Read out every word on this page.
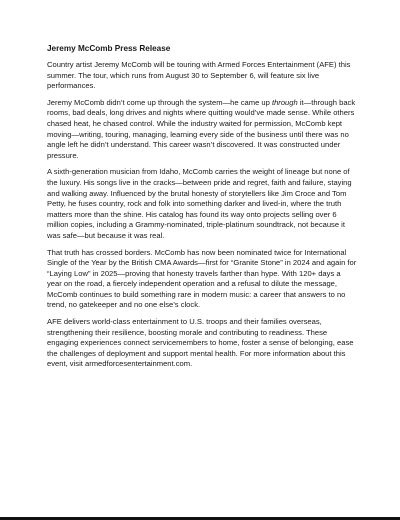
Jeremy McComb Press Release

Country artist Jeremy McComb will be touring with Armed Forces Entertainment (AFE) this summer. The tour, which runs from August 30 to September 6, will feature six live performances.

Jeremy McComb didn’t come up through the system—he came up through it—through back rooms, bad deals, long drives and nights where quitting would’ve made sense. While others chased heat, he chased control. While the industry waited for permission, McComb kept moving—writing, touring, managing, learning every side of the business until there was no angle left he didn’t understand. This career wasn’t discovered. It was constructed under pressure.

A sixth-generation musician from Idaho, McComb carries the weight of lineage but none of the luxury. His songs live in the cracks—between pride and regret, faith and failure, staying and walking away. Influenced by the brutal honesty of storytellers like Jim Croce and Tom Petty, he fuses country, rock and folk into something darker and lived-in, where the truth matters more than the shine. His catalog has found its way onto projects selling over 6 million copies, including a Grammy-nominated, triple-platinum soundtrack, not because it was safe—but because it was real.

That truth has crossed borders. McComb has now been nominated twice for International Single of the Year by the British CMA Awards—first for “Granite Stone” in 2024 and again for “Laying Low” in 2025—proving that honesty travels farther than hype. With 120+ days a year on the road, a fiercely independent operation and a refusal to dilute the message, McComb continues to build something rare in modern music: a career that answers to no trend, no gatekeeper and no one else’s clock.

AFE delivers world-class entertainment to U.S. troops and their families overseas, strengthening their resilience, boosting morale and contributing to readiness. These engaging experiences connect servicemembers to home, foster a sense of belonging, ease the challenges of deployment and support mental health. For more information about this event, visit armedforcesentertainment.com.
